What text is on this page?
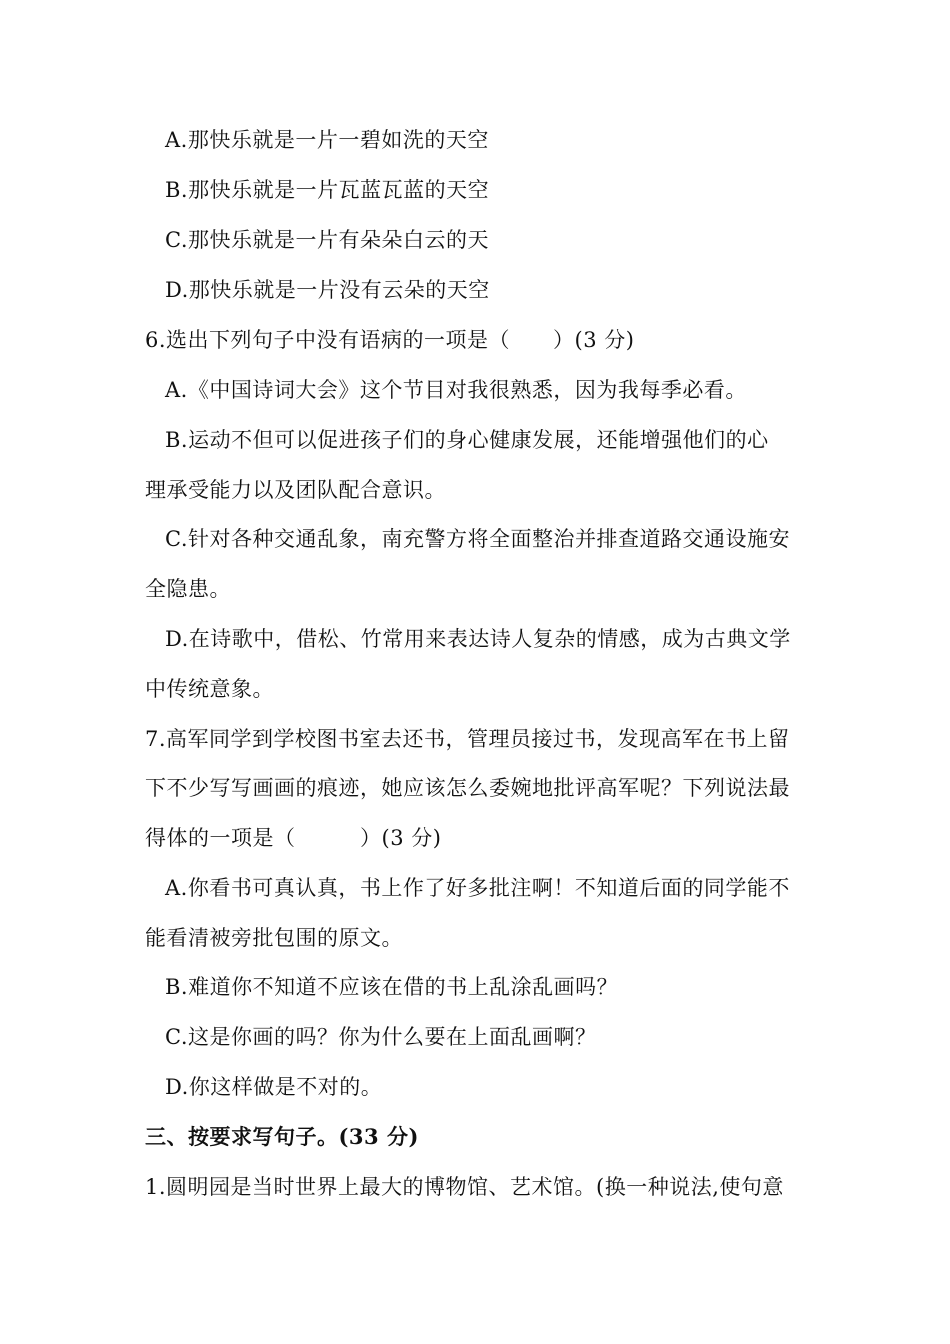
A.那快乐就是一片一碧如洗的天空
B.那快乐就是一片瓦蓝瓦蓝的天空
C.那快乐就是一片有朵朵白云的天
D.那快乐就是一片没有云朵的天空
6.选出下列句子中没有语病的一项是（　　）(3 分)
A.《中国诗词大会》这个节目对我很熟悉，因为我每季必看。
B.运动不但可以促进孩子们的身心健康发展，还能增强他们的心
理承受能力以及团队配合意识。
C.针对各种交通乱象，南充警方将全面整治并排查道路交通设施安
全隐患。
D.在诗歌中，借松、竹常用来表达诗人复杂的情感，成为古典文学
中传统意象。
7.高军同学到学校图书室去还书，管理员接过书，发现高军在书上留
下不少写写画画的痕迹，她应该怎么委婉地批评高军呢？下列说法最
得体的一项是（　　　）(3 分)
A.你看书可真认真，书上作了好多批注啊！不知道后面的同学能不
能看清被旁批包围的原文。
B.难道你不知道不应该在借的书上乱涂乱画吗？
C.这是你画的吗？你为什么要在上面乱画啊？
D.你这样做是不对的。
三、按要求写句子。(33 分)
1.圆明园是当时世界上最大的博物馆、艺术馆。(换一种说法,使句意
